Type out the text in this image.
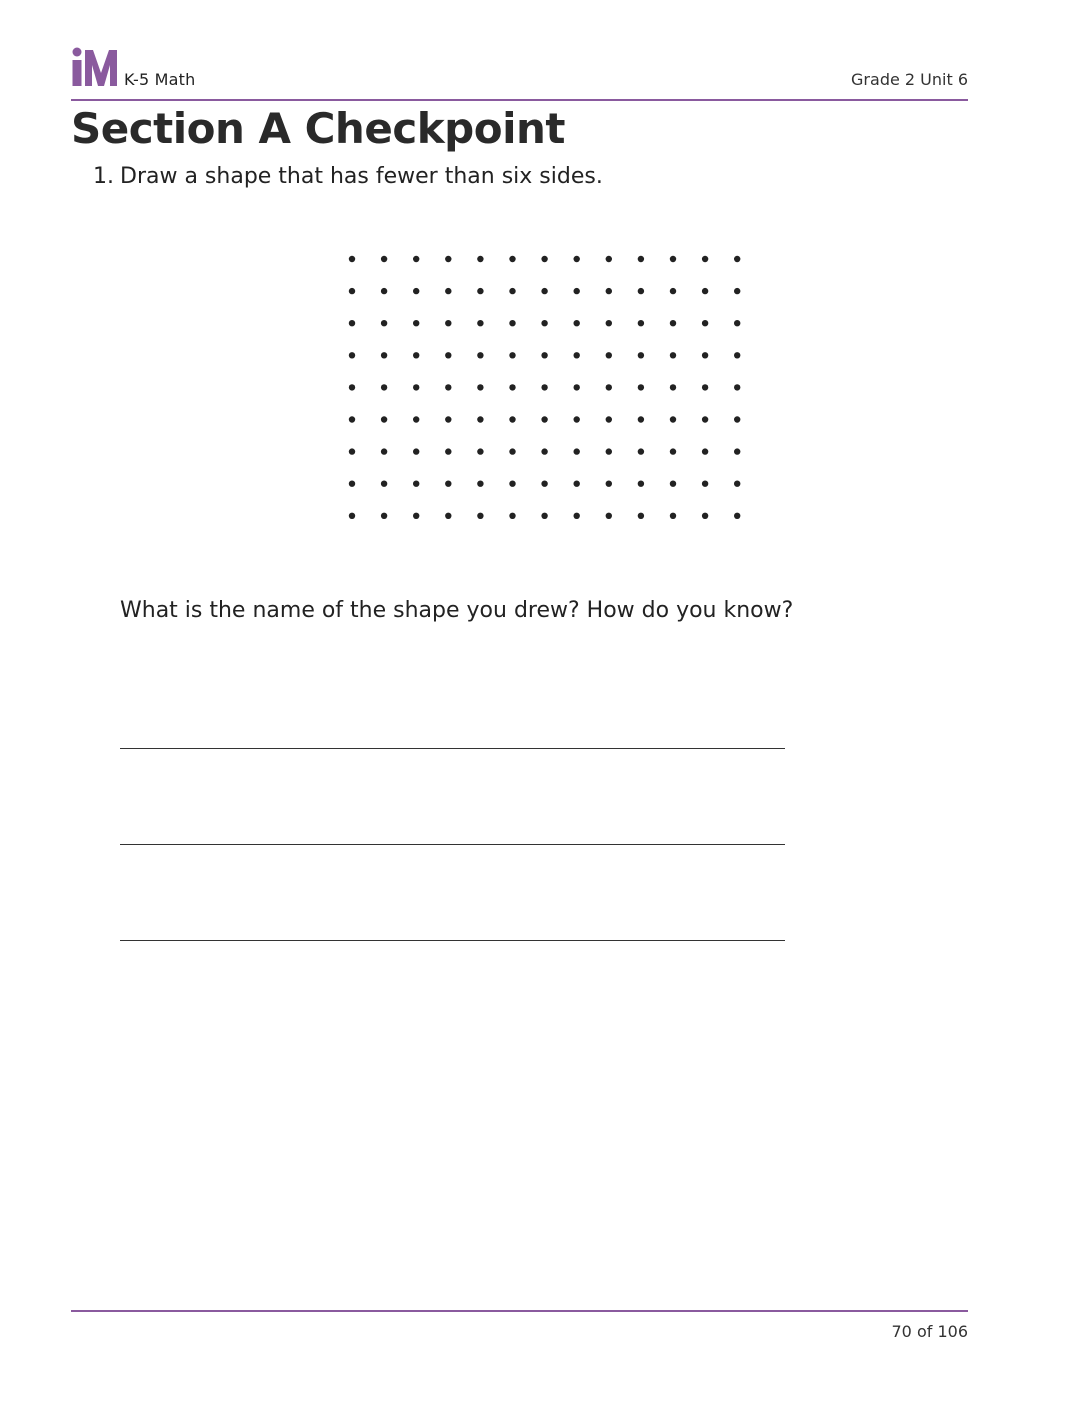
K-5 Math	Grade 2 Unit 6
Section A Checkpoint
1. Draw a shape that has fewer than six sides.
What is the name of the shape you drew? How do you know?
70 of 106
